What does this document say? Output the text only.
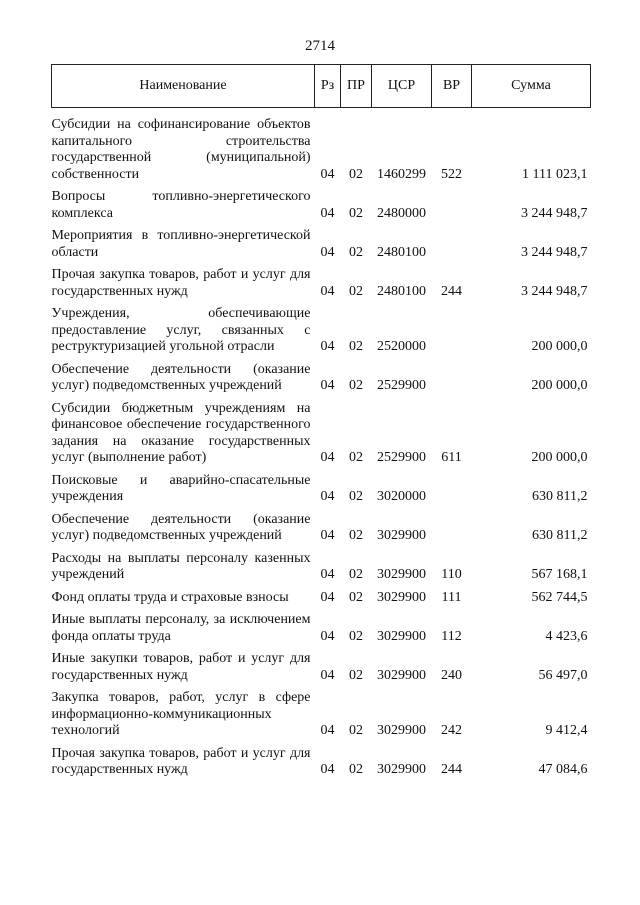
2714
Наименование	Рз	ПР	ЦСР	ВР	Сумма
Субсидии на софинансирование объектов капитального строительства государственной (муниципальной) собственности	04	02	1460299	522	1 111 023,1
Вопросы топливно-энергетического комплекса	04	02	2480000		3 244 948,7
Мероприятия в топливно-энергетической области	04	02	2480100		3 244 948,7
Прочая закупка товаров, работ и услуг для государственных нужд	04	02	2480100	244	3 244 948,7
Учреждения, обеспечивающие предоставление услуг, связанных с реструктуризацией угольной отрасли	04	02	2520000		200 000,0
Обеспечение деятельности (оказание услуг) подведомственных учреждений	04	02	2529900		200 000,0
Субсидии бюджетным учреждениям на финансовое обеспечение государственного задания на оказание государственных услуг (выполнение работ)	04	02	2529900	611	200 000,0
Поисковые и аварийно-спасательные учреждения	04	02	3020000		630 811,2
Обеспечение деятельности (оказание услуг) подведомственных учреждений	04	02	3029900		630 811,2
Расходы на выплаты персоналу казенных учреждений	04	02	3029900	110	567 168,1
Фонд оплаты труда и страховые взносы	04	02	3029900	111	562 744,5
Иные выплаты персоналу, за исключением фонда оплаты труда	04	02	3029900	112	4 423,6
Иные закупки товаров, работ и услуг для государственных нужд	04	02	3029900	240	56 497,0
Закупка товаров, работ, услуг в сфере информационно-коммуникационных технологий	04	02	3029900	242	9 412,4
Прочая закупка товаров, работ и услуг для государственных нужд	04	02	3029900	244	47 084,6
